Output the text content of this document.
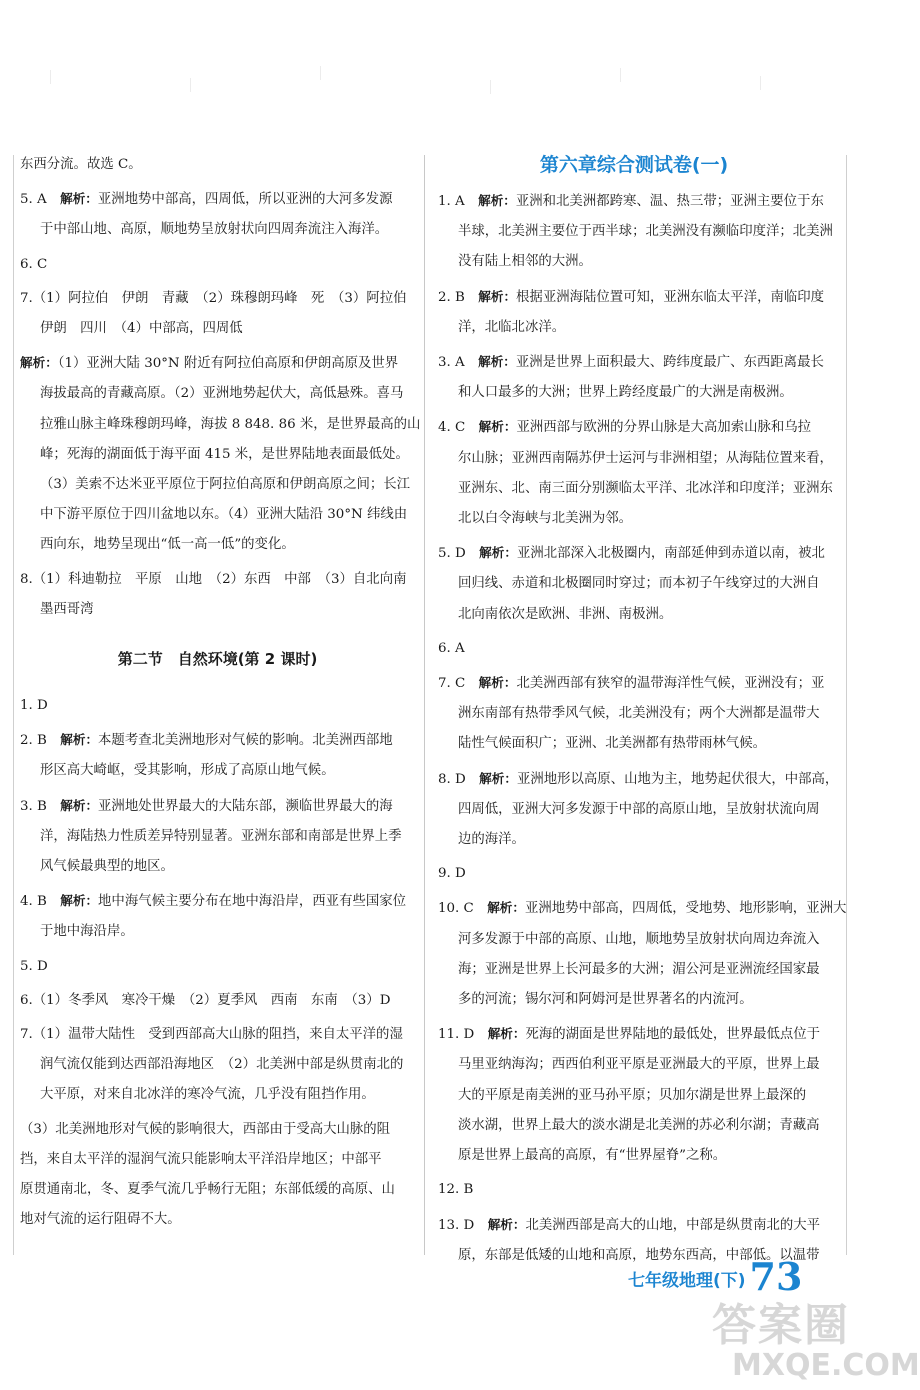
东西分流。故选 C。
5. A　解析：亚洲地势中部高，四周低，所以亚洲的大河多发源
于中部山地、高原，顺地势呈放射状向四周奔流注入海洋。
6. C
7.（1）阿拉伯　伊朗　青藏　（2）珠穆朗玛峰　死　（3）阿拉伯
伊朗　四川　（4）中部高，四周低
解析：（1）亚洲大陆 30°N 附近有阿拉伯高原和伊朗高原及世界
海拔最高的青藏高原。（2）亚洲地势起伏大，高低悬殊。喜马
拉雅山脉主峰珠穆朗玛峰，海拔 8 848. 86 米，是世界最高的山
峰；死海的湖面低于海平面 415 米，是世界陆地表面最低处。
（3）美索不达米亚平原位于阿拉伯高原和伊朗高原之间；长江
中下游平原位于四川盆地以东。（4）亚洲大陆沿 30°N 纬线由
西向东，地势呈现出“低一高一低”的变化。
8.（1）科迪勒拉　平原　山地　（2）东西　中部　（3）自北向南
墨西哥湾
第二节　自然环境(第 2 课时)
1. D
2. B　解析：本题考查北美洲地形对气候的影响。北美洲西部地
形区高大崎岖，受其影响，形成了高原山地气候。
3. B　解析：亚洲地处世界最大的大陆东部，濒临世界最大的海
洋，海陆热力性质差异特别显著。亚洲东部和南部是世界上季
风气候最典型的地区。
4. B　解析：地中海气候主要分布在地中海沿岸，西亚有些国家位
于地中海沿岸。
5. D
6.（1）冬季风　寒冷干燥　（2）夏季风　西南　东南　（3）D
7.（1）温带大陆性　受到西部高大山脉的阻挡，来自太平洋的湿
润气流仅能到达西部沿海地区　（2）北美洲中部是纵贯南北的
大平原，对来自北冰洋的寒冷气流，几乎没有阻挡作用。
（3）北美洲地形对气候的影响很大，西部由于受高大山脉的阻
挡，来自太平洋的湿润气流只能影响太平洋沿岸地区；中部平
原贯通南北，冬、夏季气流几乎畅行无阻；东部低缓的高原、山
地对气流的运行阻碍不大。
第六章综合测试卷(一)
1. A　解析：亚洲和北美洲都跨寒、温、热三带；亚洲主要位于东
半球，北美洲主要位于西半球；北美洲没有濒临印度洋；北美洲
没有陆上相邻的大洲。
2. B　解析：根据亚洲海陆位置可知，亚洲东临太平洋，南临印度
洋，北临北冰洋。
3. A　解析：亚洲是世界上面积最大、跨纬度最广、东西距离最长
和人口最多的大洲；世界上跨经度最广的大洲是南极洲。
4. C　解析：亚洲西部与欧洲的分界山脉是大高加索山脉和乌拉
尔山脉；亚洲西南隔苏伊士运河与非洲相望；从海陆位置来看，
亚洲东、北、南三面分别濒临太平洋、北冰洋和印度洋；亚洲东
北以白令海峡与北美洲为邻。
5. D　解析：亚洲北部深入北极圈内，南部延伸到赤道以南，被北
回归线、赤道和北极圈同时穿过；而本初子午线穿过的大洲自
北向南依次是欧洲、非洲、南极洲。
6. A
7. C　解析：北美洲西部有狭窄的温带海洋性气候，亚洲没有；亚
洲东南部有热带季风气候，北美洲没有；两个大洲都是温带大
陆性气候面积广；亚洲、北美洲都有热带雨林气候。
8. D　解析：亚洲地形以高原、山地为主，地势起伏很大，中部高，
四周低，亚洲大河多发源于中部的高原山地，呈放射状流向周
边的海洋。
9. D
10. C　解析：亚洲地势中部高，四周低，受地势、地形影响，亚洲大
河多发源于中部的高原、山地，顺地势呈放射状向周边奔流入
海；亚洲是世界上长河最多的大洲；湄公河是亚洲流经国家最
多的河流；锡尔河和阿姆河是世界著名的内流河。
11. D　解析：死海的湖面是世界陆地的最低处，世界最低点位于
马里亚纳海沟；西西伯利亚平原是亚洲最大的平原，世界上最
大的平原是南美洲的亚马孙平原；贝加尔湖是世界上最深的
淡水湖，世界上最大的淡水湖是北美洲的苏必利尔湖；青藏高
原是世界上最高的高原，有“世界屋脊”之称。
12. B
13. D　解析：北美洲西部是高大的山地，中部是纵贯南北的大平
原，东部是低矮的山地和高原，地势东西高，中部低。以温带
七年级地理(下) 73
答案圈
MXQE.COM
